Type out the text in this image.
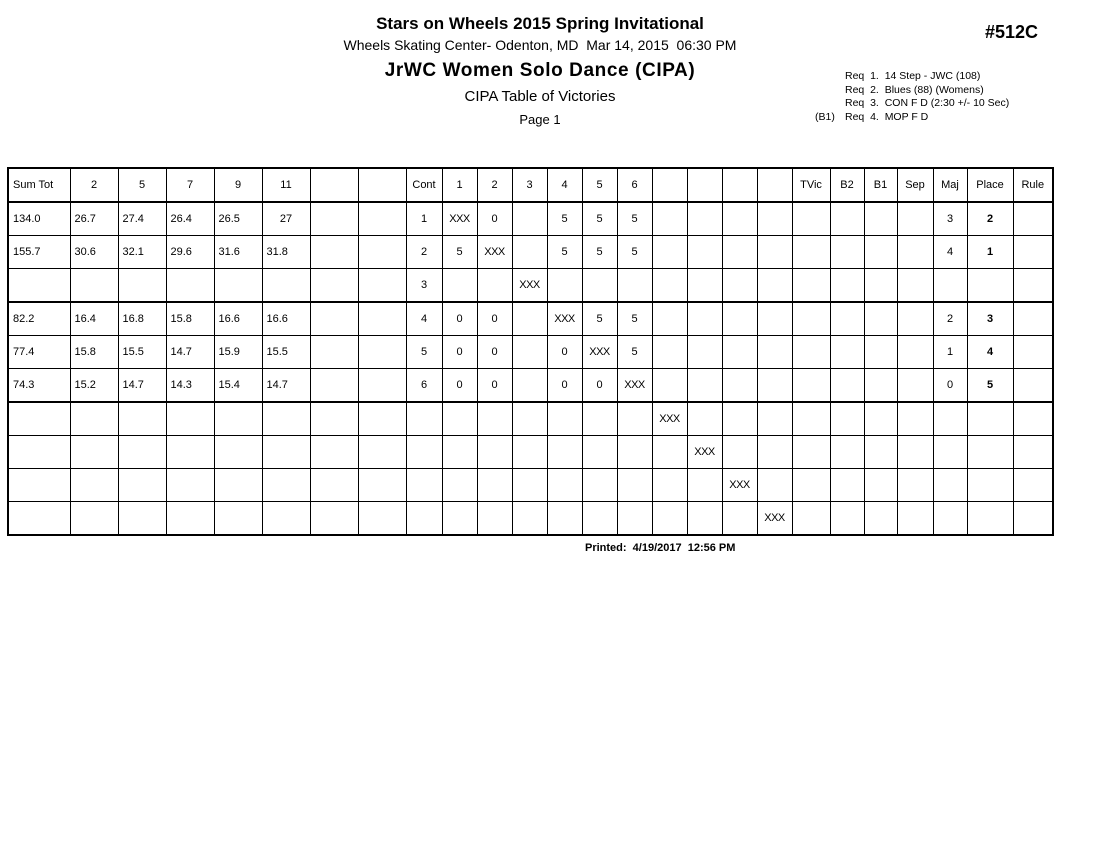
Stars on Wheels 2015 Spring Invitational
Wheels Skating Center- Odenton, MD  Mar 14, 2015  06:30 PM
JrWC Women Solo Dance (CIPA)
CIPA Table of Victories
Page 1
#512C
Req  1.  14 Step - JWC (108)
Req  2.  Blues (88) (Womens)
Req  3.  CON F D (2:30 +/- 10 Sec)
(B1) Req  4.  MOP F D
Sum Tot	2	5	7	9	11			Cont	1	2	3	4	5	6					TVic	B2	B1	Sep	Maj	Place	Rule
134.0	26.7	27.4	26.4	26.5	27			1	XXX	0		5	5	5									3	2	
155.7	30.6	32.1	29.6	31.6	31.8			2	5	XXX		5	5	5									4	1	
								3			XXX														
82.2	16.4	16.8	15.8	16.6	16.6			4	0	0		XXX	5	5									2	3	
77.4	15.8	15.5	14.7	15.9	15.5			5	0	0		0	XXX	5									1	4	
74.3	15.2	14.7	14.3	15.4	14.7			6	0	0		0	0	XXX									0	5	
															XXX										
																XXX									
																	XXX								
																		XXX							
Printed:  4/19/2017  12:56 PM
